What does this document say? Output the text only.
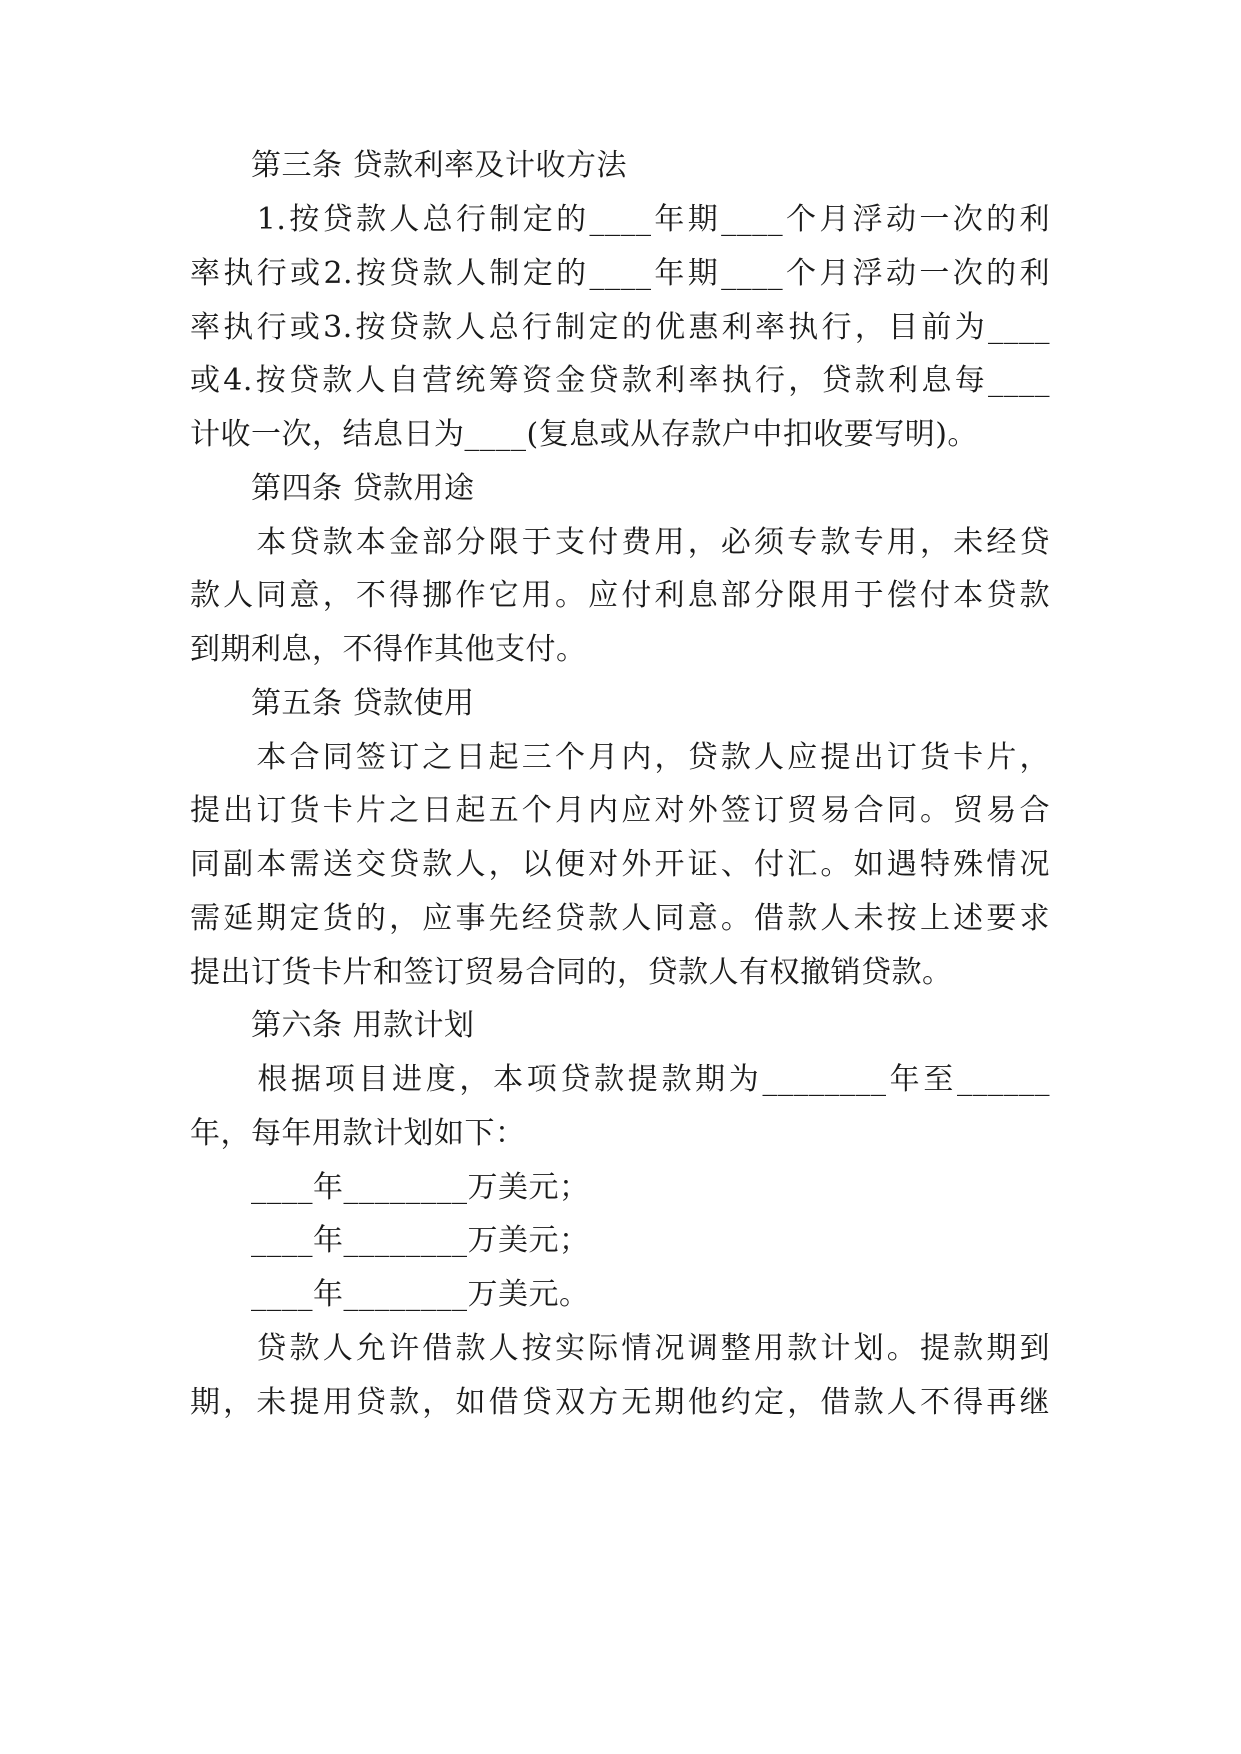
　　第三条 贷款利率及计收方法
　　1.按贷款人总行制定的____年期____个月浮动一次的利
率执行或2.按贷款人制定的____年期____个月浮动一次的利
率执行或3.按贷款人总行制定的优惠利率执行，目前为____
或4.按贷款人自营统筹资金贷款利率执行，贷款利息每____
计收一次，结息日为____(复息或从存款户中扣收要写明)。
　　第四条 贷款用途
　　本贷款本金部分限于支付费用，必须专款专用，未经贷
款人同意，不得挪作它用。应付利息部分限用于偿付本贷款
到期利息，不得作其他支付。
　　第五条 贷款使用
　　本合同签订之日起三个月内，贷款人应提出订货卡片，
提出订货卡片之日起五个月内应对外签订贸易合同。贸易合
同副本需送交贷款人，以便对外开证、付汇。如遇特殊情况
需延期定货的，应事先经贷款人同意。借款人未按上述要求
提出订货卡片和签订贸易合同的，贷款人有权撤销贷款。
　　第六条 用款计划
　　根据项目进度，本项贷款提款期为________年至______
年，每年用款计划如下：
　　____年________万美元；
　　____年________万美元；
　　____年________万美元。
　　贷款人允许借款人按实际情况调整用款计划。提款期到
期，未提用贷款，如借贷双方无期他约定，借款人不得再继
